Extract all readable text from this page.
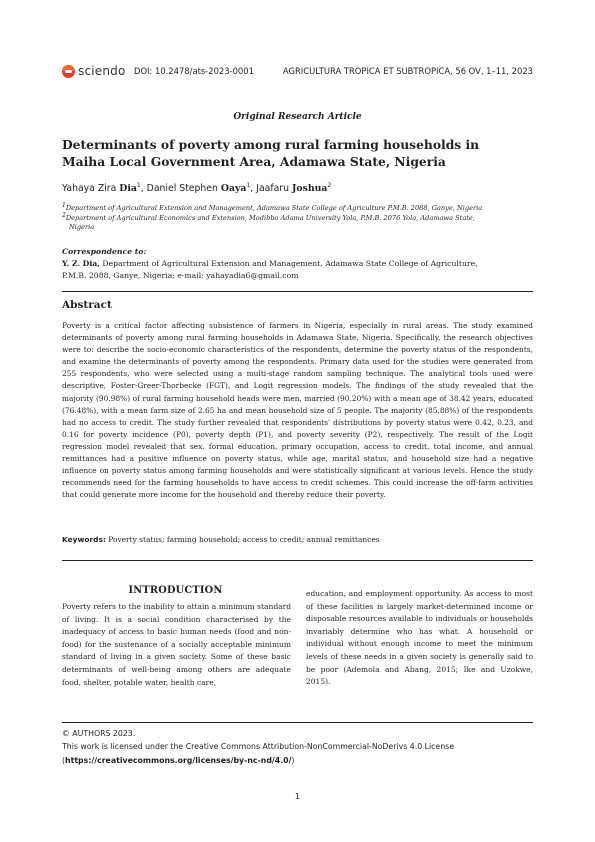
sciendo DOI: 10.2478/ats-2023-0001	AGRICULTURA TROPICA ET SUBTROPICA, 56 OV, 1–11, 2023
Original Research Article
Determinants of poverty among rural farming households in Maiha Local Government Area, Adamawa State, Nigeria
Yahaya Zira Dia$^1$, Daniel Stephen Oaya$^1$, Jaafaru Joshua$^2$
$^1$Department of Agricultural Extension and Management, Adamawa State College of Agriculture P.M.B. 2088, Ganye, Nigeria
$^2$Department of Agricultural Economics and Extension, Modibbo Adama University Yola, P.M.B. 2076 Yola, Adamawa State,
Nigeria
Correspondence to:
Y. Z. Dia, Department of Agricultural Extension and Management, Adamawa State College of Agriculture,
P.M.B. 2088, Ganye, Nigeria; e-mail: yahayadia6@gmail.com
Abstract
Poverty is a critical factor affecting subsistence of farmers in Nigeria, especially in rural areas. The study examined determinants of poverty among rural farming households in Adamawa State, Nigeria. Specifically, the research objectives were to: describe the socio-economic characteristics of the respondents, determine the poverty status of the respondents, and examine the determinants of poverty among the respondents. Primary data used for the studies were generated from 255 respondents, who were selected using a multi-stage random sampling technique. The analytical tools used were descriptive, Foster-Greer-Thorbecke (FGT), and Logit regression models. The findings of the study revealed that the majority (90.98%) of rural farming household heads were men, married (90.20%) with a mean age of 38.42 years, educated (76.48%), with a mean farm size of 2.65 ha and mean household size of 5 people. The majority (85.88%) of the respondents had no access to credit. The study further revealed that respondents' distributions by poverty status were 0.42, 0.23, and 0.16 for poverty incidence (P0), poverty depth (P1), and poverty severity (P2), respectively. The result of the Logit regression model revealed that sex, formal education, primary occupation, access to credit, total income, and annual remittances had a positive influence on poverty status, while age, marital status, and household size had a negative influence on poverty status among farming households and were statistically significant at various levels. Hence the study recommends need for the farming households to have access to credit schemes. This could increase the off-farm activities that could generate more income for the household and thereby reduce their poverty.
Keywords: Poverty status; farming household; access to credit; annual remittances
INTRODUCTION
Poverty refers to the inability to attain a minimum standard of living. It is a social condition characterised by the inadequacy of access to basic human needs (food and non-food) for the sustenance of a socially acceptable minimum standard of living in a given society. Some of these basic determinants of well-being among others are adequate food, shelter, potable water, health care,
education, and employment opportunity. As access to most of these facilities is largely market-determined income or disposable resources available to individuals or households invariably determine who has what. A household or individual without enough income to meet the minimum levels of these needs in a given society is generally said to be poor (Ademola and Abang, 2015; Ike and Uzokwe, 2015).
© AUTHORS 2023.
This work is licensed under the Creative Commons Attribution-NonCommercial-NoDerivs 4.0 License
(https://creativecommons.org/licenses/by-nc-nd/4.0/)
1
